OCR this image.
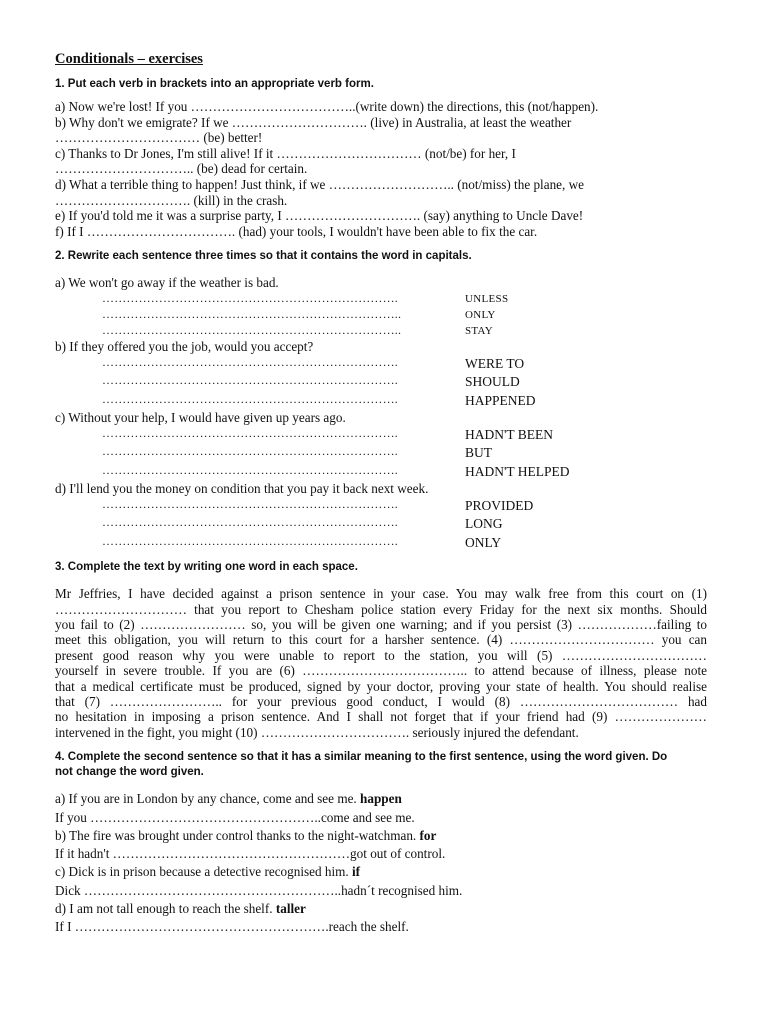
Conditionals – exercises

1. Put each verb in brackets into an appropriate verb form.

a) Now we're lost! If you ………………………………..(write down) the directions, this (not/happen).

b) Why don't we emigrate? If we …………………………. (live) in Australia, at least the weather

…………………………… (be) better!

c) Thanks to Dr Jones, I'm still alive! If it …………………………… (not/be) for her, I

………………………….. (be) dead for certain.

d) What a terrible thing to happen! Just think, if we ……………………….. (not/miss) the plane, we

…………………………. (kill) in the crash.

e) If you'd told me it was a surprise party, I …………………………. (say) anything to Uncle Dave!

f) If I ……………………………. (had) your tools, I wouldn't have been able to fix the car.

2. Rewrite each sentence three times so that it contains the word in capitals.

a) We won't go away if the weather is bad.

……………………………………………………………….	UNLESS
………………………………………………………………..	ONLY
………………………………………………………………..	STAY

b) If they offered you the job, would you accept?

……………………………………………………………….	WERE TO
……………………………………………………………….	SHOULD
……………………………………………………………….	HAPPENED

c) Without your help, I would have given up years ago.

……………………………………………………………….	HADN'T BEEN
……………………………………………………………….	BUT
……………………………………………………………….	HADN'T HELPED

d) I'll lend you the money on condition that you pay it back next week.

……………………………………………………………….	PROVIDED
……………………………………………………………….	LONG
……………………………………………………………….	ONLY

3. Complete the text by writing one word in each space.

Mr Jeffries, I have decided against a prison sentence in your case. You may walk free from this court on (1)
………………………… that you report to Chesham police station every Friday for the next six months. Should
you fail to (2) …………………… so, you will be given one warning; and if you persist (3) ………………failing to
meet this obligation, you will return to this court for a harsher sentence. (4) …………………………… you can
present good reason why you were unable to report to the station, you will (5) ……………………………
yourself in severe trouble. If you are (6) ……………………………….. to attend because of illness, please note
that a medical certificate must be produced, signed by your doctor, proving your state of health. You should realise
that (7) …………………….. for your previous good conduct, I would (8) ……………………………… had
no hesitation in imposing a prison sentence. And I shall not forget that if your friend had (9) …………………
intervened in the fight, you might (10) ……………………………. seriously injured the defendant.

4. Complete the second sentence so that it has a similar meaning to the first sentence, using the word given. Do

not change the word given.

a) If you are in London by any chance, come and see me. happen

If you ……………………………………………..come and see me.

b) The fire was brought under control thanks to the night-watchman. for

If it hadn't ………………………………………………got out of control.

c) Dick is in prison because a detective recognised him. if

Dick …………………………………………………..hadn´t recognised him.

d) I am not tall enough to reach the shelf. taller

If I ………………………………………………….reach the shelf.
